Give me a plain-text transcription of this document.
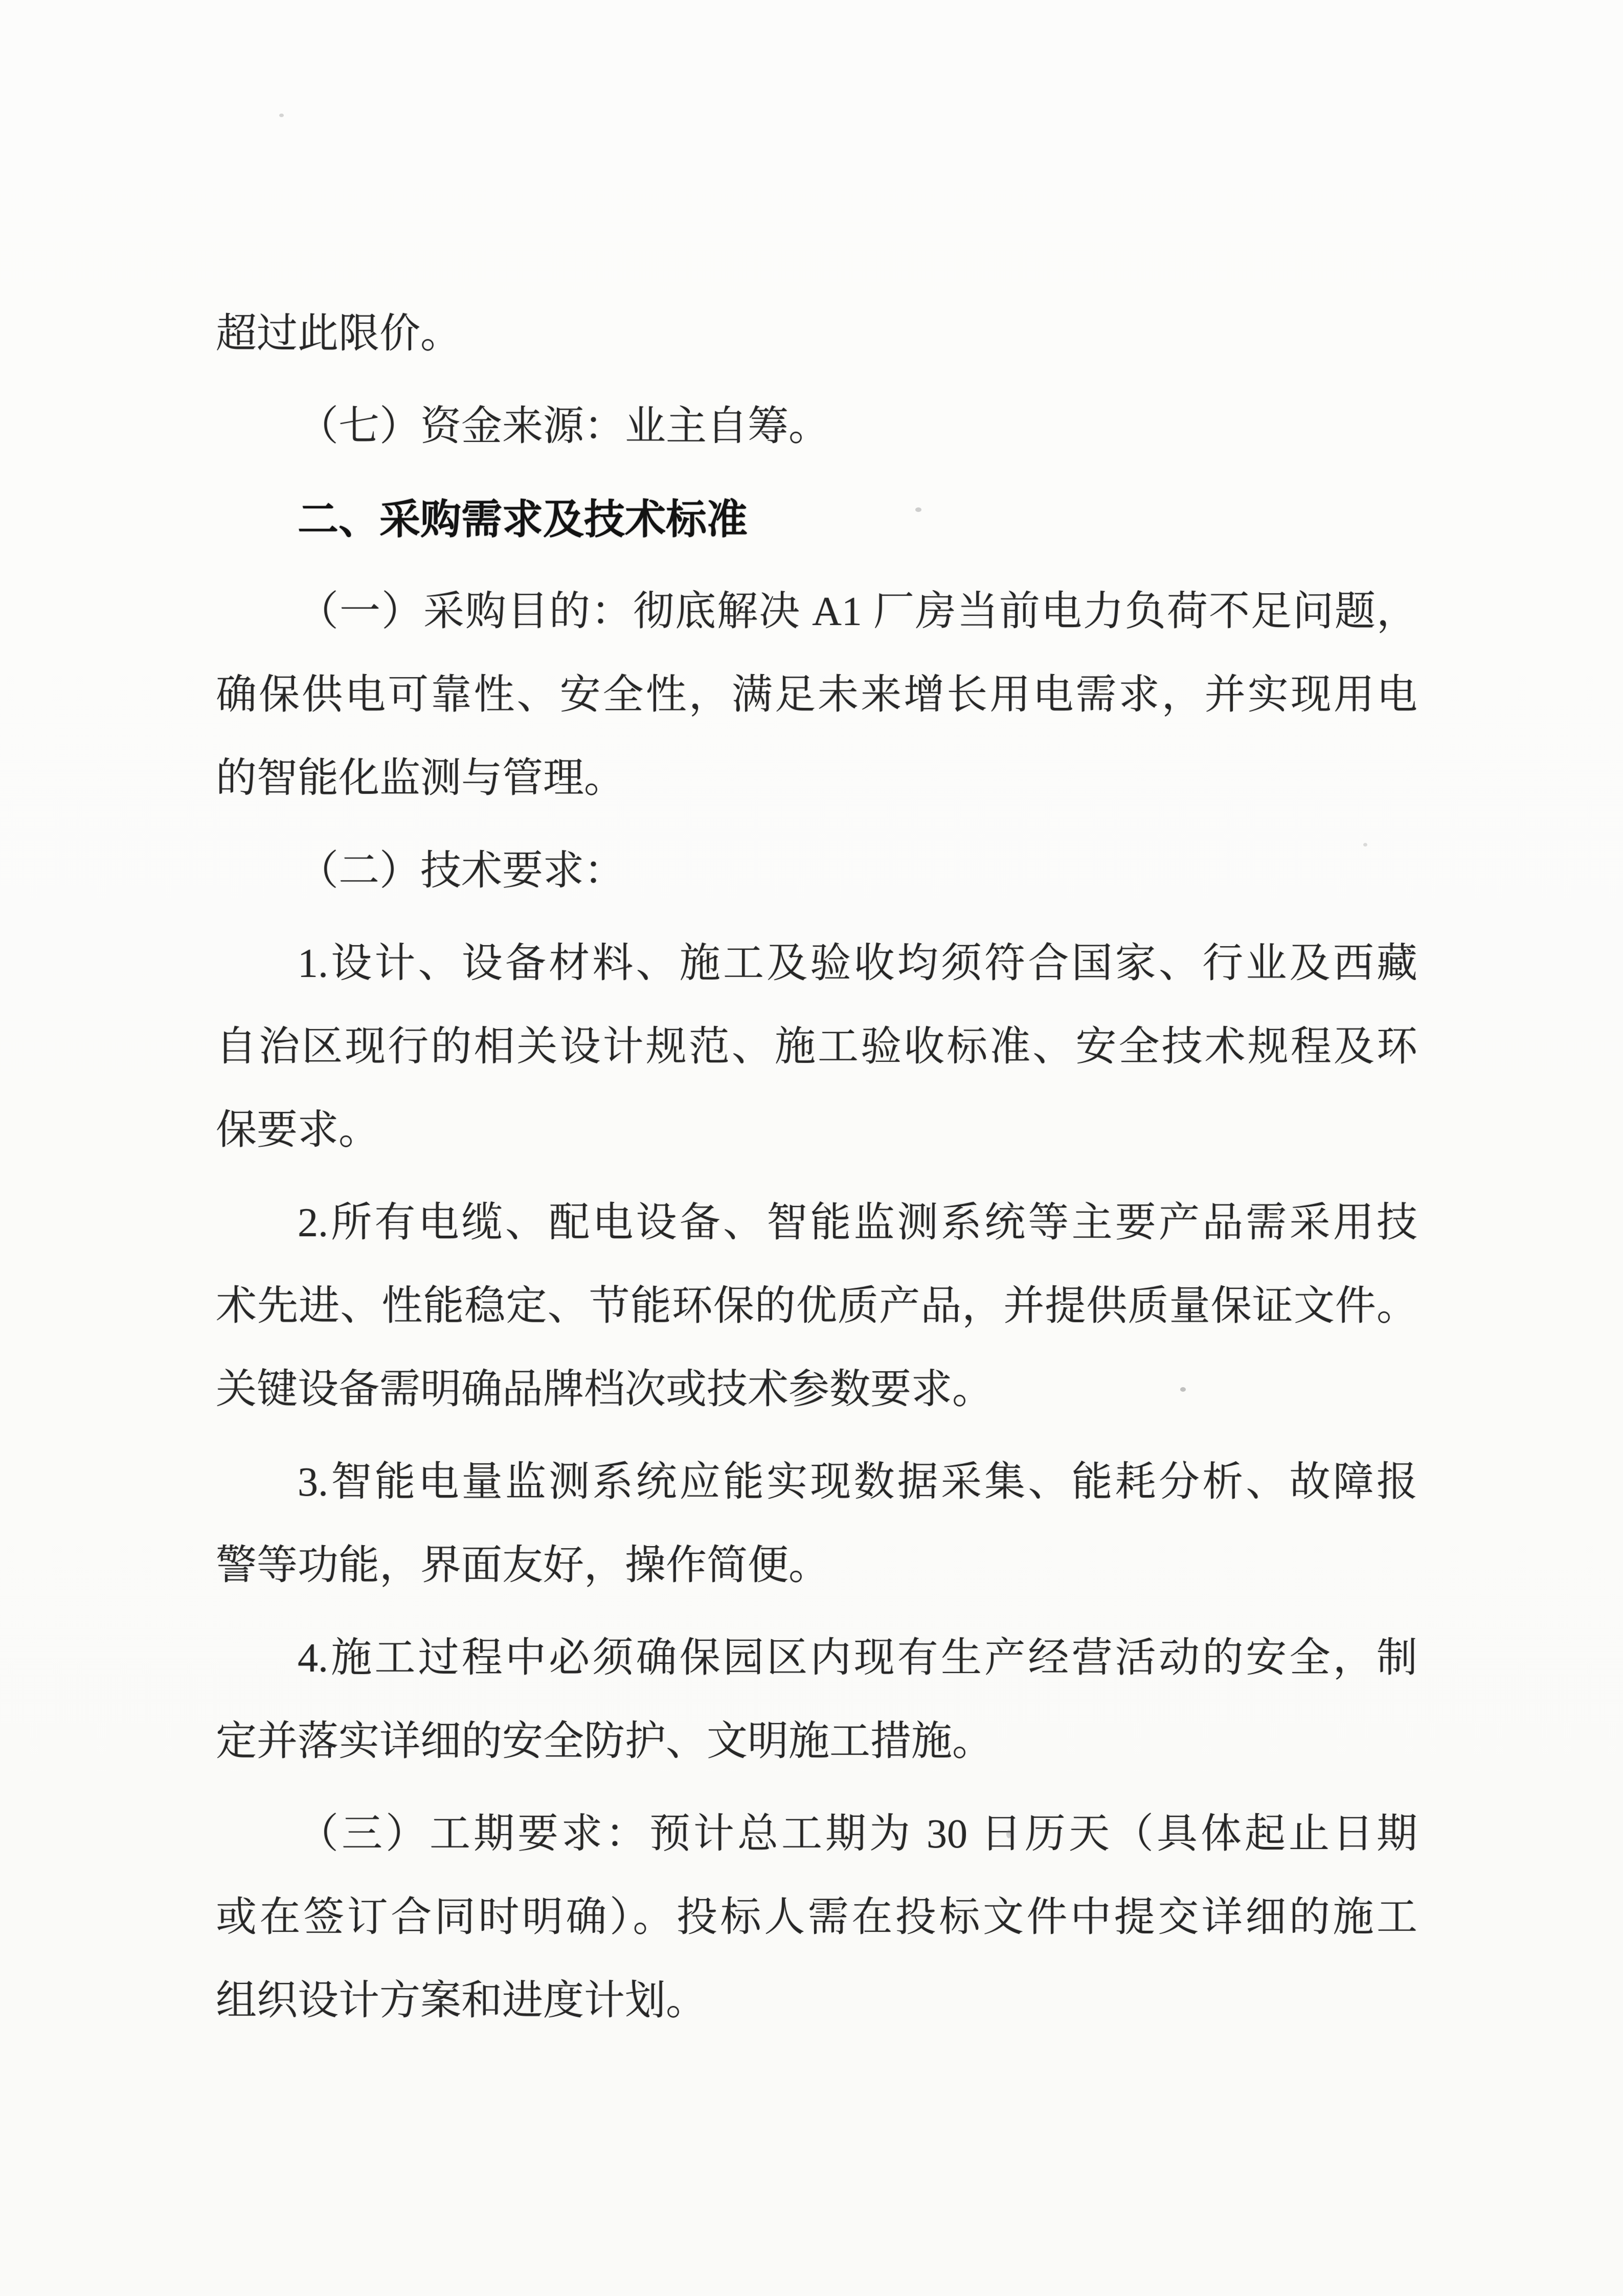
超过此限价。
（七）资金来源：业主自筹。
二、采购需求及技术标准
（一）采购目的：彻底解决 A1 厂房当前电力负荷不足问题，
确保供电可靠性、安全性，满足未来增长用电需求，并实现用电
的智能化监测与管理。
（二）技术要求：
1.设计、设备材料、施工及验收均须符合国家、行业及西藏
自治区现行的相关设计规范、施工验收标准、安全技术规程及环
保要求。
2.所有电缆、配电设备、智能监测系统等主要产品需采用技
术先进、性能稳定、节能环保的优质产品，并提供质量保证文件。
关键设备需明确品牌档次或技术参数要求。
3.智能电量监测系统应能实现数据采集、能耗分析、故障报
警等功能，界面友好，操作简便。
4.施工过程中必须确保园区内现有生产经营活动的安全，制
定并落实详细的安全防护、文明施工措施。
（三）工期要求：预计总工期为 30 日历天（具体起止日期
或在签订合同时明确）。投标人需在投标文件中提交详细的施工
组织设计方案和进度计划。
